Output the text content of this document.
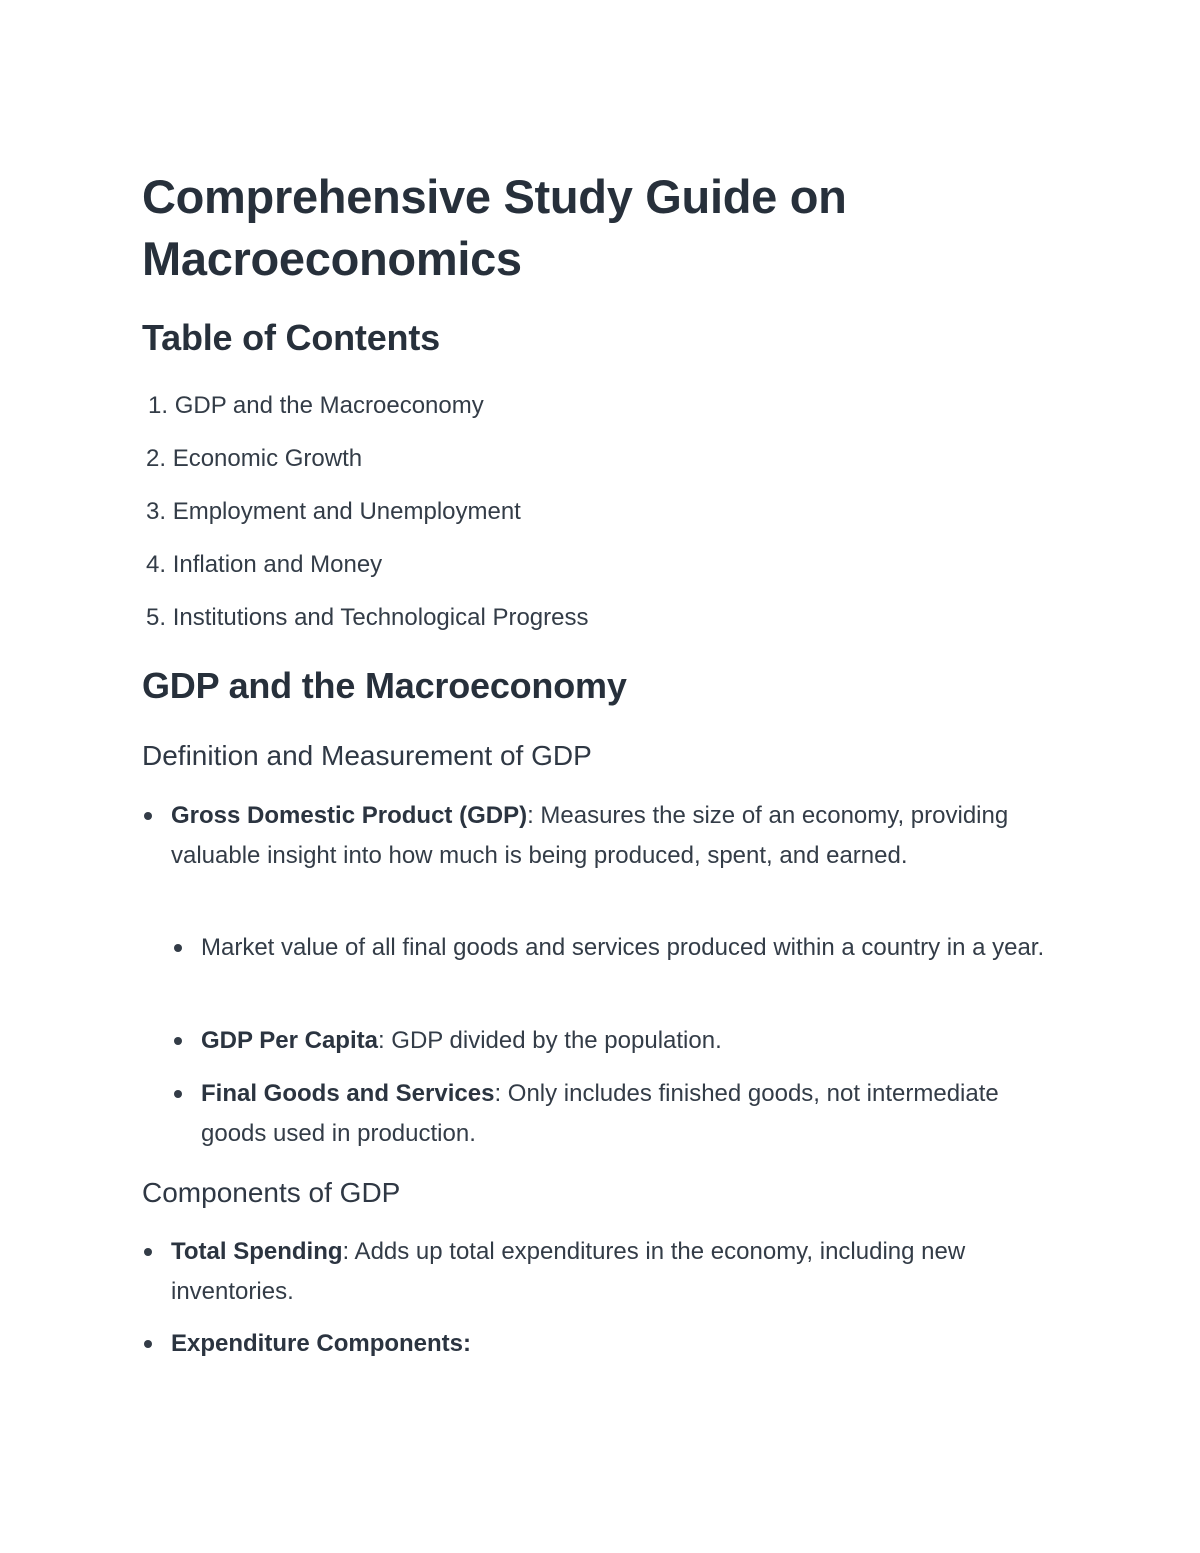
Comprehensive Study Guide on Macroeconomics
Table of Contents

1. GDP and the Macroeconomy

2. Economic Growth

3. Employment and Unemployment

4. Inflation and Money

5. Institutions and Technological Progress

GDP and the Macroeconomy
Definition and Measurement of GDP

Gross Domestic Product (GDP): Measures the size of an economy, providing valuable insight into how much is being produced, spent, and earned.

Market value of all final goods and services produced within a country in a year.

GDP Per Capita: GDP divided by the population.

Final Goods and Services: Only includes finished goods, not intermediate goods used in production.

Components of GDP

Total Spending: Adds up total expenditures in the economy, including new inventories.

Expenditure Components:
